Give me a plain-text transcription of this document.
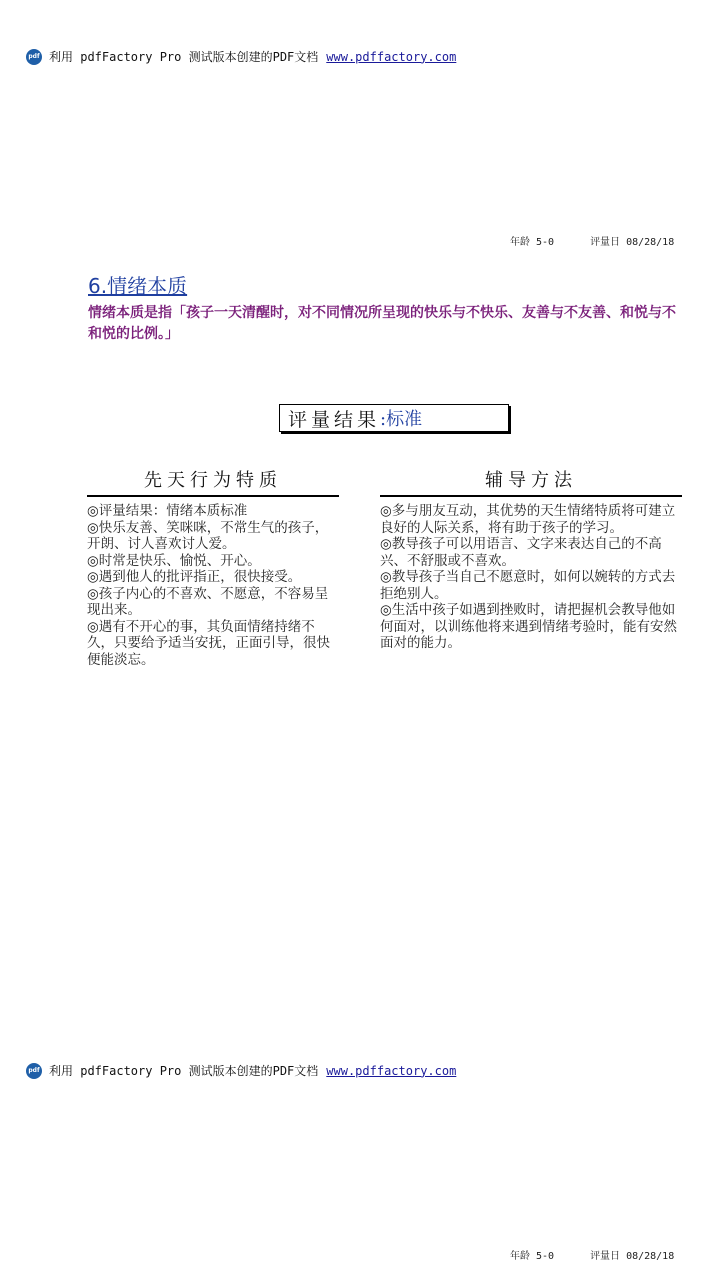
pdf 利用 pdfFactory Pro 测试版本创建的PDF文档 www.pdffactory.com
年龄 5-0	评量日 08/28/18
6.情绪本质
情绪本质是指「孩子一天清醒时，对不同情况所呈现的快乐与不快乐、友善与不友善、和悦与不和悦的比例。」
评量结果 :标准
先天行为特质
◎评量结果：情绪本质标准
◎快乐友善、笑咪咪，不常生气的孩子，开朗、讨人喜欢讨人爱。
◎时常是快乐、愉悦、开心。
◎遇到他人的批评指正，很快接受。
◎孩子内心的不喜欢、不愿意，不容易呈现出来。
◎遇有不开心的事，其负面情绪持绪不久，只要给予适当安抚，正面引导，很快便能淡忘。
辅导方法
◎多与朋友互动，其优势的天生情绪特质将可建立良好的人际关系，将有助于孩子的学习。
◎教导孩子可以用语言、文字来表达自己的不高兴、不舒服或不喜欢。
◎教导孩子当自己不愿意时，如何以婉转的方式去拒绝别人。
◎生活中孩子如遇到挫败时，请把握机会教导他如何面对，以训练他将来遇到情绪考验时，能有安然面对的能力。
pdf 利用 pdfFactory Pro 测试版本创建的PDF文档 www.pdffactory.com
年龄 5-0	评量日 08/28/18
